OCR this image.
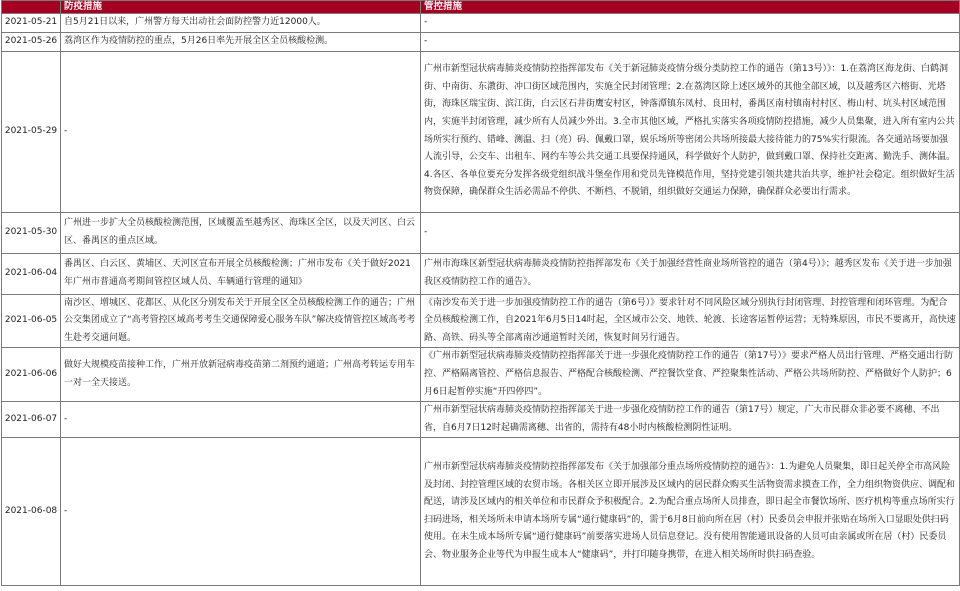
	防疫措施	管控措施
2021-05-21	自5月21日以来，广州警方每天出动社会面防控警力近12000人。	-
2021-05-26	荔湾区作为疫情防控的重点，5月26日率先开展全区全员核酸检测。	-
2021-05-29	-	广州市新型冠状病毒肺炎疫情防控指挥部发布《关于新冠肺炎疫情分级分类防控工作的通告（第13号）》：1.在荔湾区海龙街、白鹤洞街、中南街、东漖街、冲口街区域范围内，实施全民封闭管理；2.在荔湾区除上述区域外的其他全部区域，以及越秀区六榕街、光塔街，海珠区瑞宝街、滨江街，白云区石井街鹰安村区，钟落潭镇东凤村、良田村，番禺区南村镇南村村区、梅山村、坑头村区域范围内，实施半封闭管理，减少所有人员减少外出。3.全市其他区域，严格扎实落实各项疫情防控措施，减少人员集聚，进入所有室内公共场所实行预约、错峰、测温、扫（亮）码、佩戴口罩，娱乐场所等密闭公共场所接最大接待能力的75%实行限流。各交通站场要加强人流引导，公交车、出租车、网约车等公共交通工具要保持通风，科学做好个人防护，做到戴口罩、保持社交距离、勤洗手、测体温。4.各区、各单位要充分发挥各级党组织战斗堡垒作用和党员先锋模范作用，坚持党建引领共建共治共享，维护社会稳定。组织做好生活物资保障，确保群众生活必需品不停供、不断档、不脱销，组织做好交通运力保障，确保群众必要出行需求。
2021-05-30	广州进一步扩大全员核酸检测范围，区域覆盖至越秀区、海珠区全区，以及天河区、白云区、番禺区的重点区域。	-
2021-06-04	番禺区、白云区、黄埔区、天河区宣布开展全员核酸检测；广州市发布《关于做好2021年广州市普通高考期间管控区域人员、车辆通行管理的通知》	广州市海珠区新型冠状病毒肺炎疫情防控指挥部发布《关于加强经营性商业场所管控的通告（第4号）》；越秀区发布《关于进一步加强我区疫情防控工作的通告》。
2021-06-05	南沙区、增城区、花都区、从化区分别发布关于开展全区全员核酸检测工作的通告；广州公交集团成立了“高考管控区域高考考生交通保障爱心服务车队”解决疫情管控区域高考考生赴考交通问题。	《南沙发布关于进一步加强疫情防控工作的通告（第6号）》要求针对不同风险区域分别执行封闭管理、封控管理和闭环管理。为配合全员核酸检测工作，自2021年6月5日14时起，全区域市公交、地铁、轮渡、长途客运暂停运营；无特殊原因，市民不要离开，高快速路、高铁、码头等全部离南沙通道暂时关闭，恢复时间另行通告。
2021-06-06	做好大规模疫苗接种工作，广州开放新冠病毒疫苗第二剂预约通道；广州高考转运专用车一对一全天接送。	《广州市新型冠状病毒肺炎疫情防控指挥部关于进一步强化疫情防控工作的通告（第17号）》要求严格人员出行管理、严格交通出行防控、严格隔离管控、严格信息报告、严格配合核酸检测、严控餐饮堂食、严控聚集性活动、严格公共场所防控、严格做好个人防护；6月6日起暂停实施“开四停四”。
2021-06-07	-	广州市新型冠状病毒肺炎疫情防控指挥部关于进一步强化疫情防控工作的通告（第17号）规定，广大市民群众非必要不离穗、不出省，自6月7日12时起确需离穗、出省的，需持有48小时内核酸检测阴性证明。
2021-06-08	-	广州市新型冠状病毒肺炎疫情防控指挥部发布《关于加强部分重点场所疫情防控的通告》：1.为避免人员聚集，即日起关停全市高风险及封闭、封控管理区域的农贸市场。各相关区立即开展涉及区域内的居民群众购买生活物资需求摸查工作，全力组织物资供应、调配和配送，请涉及区域内的相关单位和市民群众予积极配合。2.为配合重点场所人员排查，即日起全市餐饮场所、医疗机构等重点场所实行扫码进场，相关场所未申请本场所专属“通行健康码”的，需于6月8日前向所在居（村）民委员会申报并张贴在场所入口显眼处供扫码使用。在未生成本场所专属“通行健康码”前要落实进场人员信息登记。没有使用智能通讯设备的人员可由亲属或所在居（村）民委员会、物业服务企业等代为申报生成本人“健康码”，并打印随身携带，在进入相关场所时供扫码查验。
